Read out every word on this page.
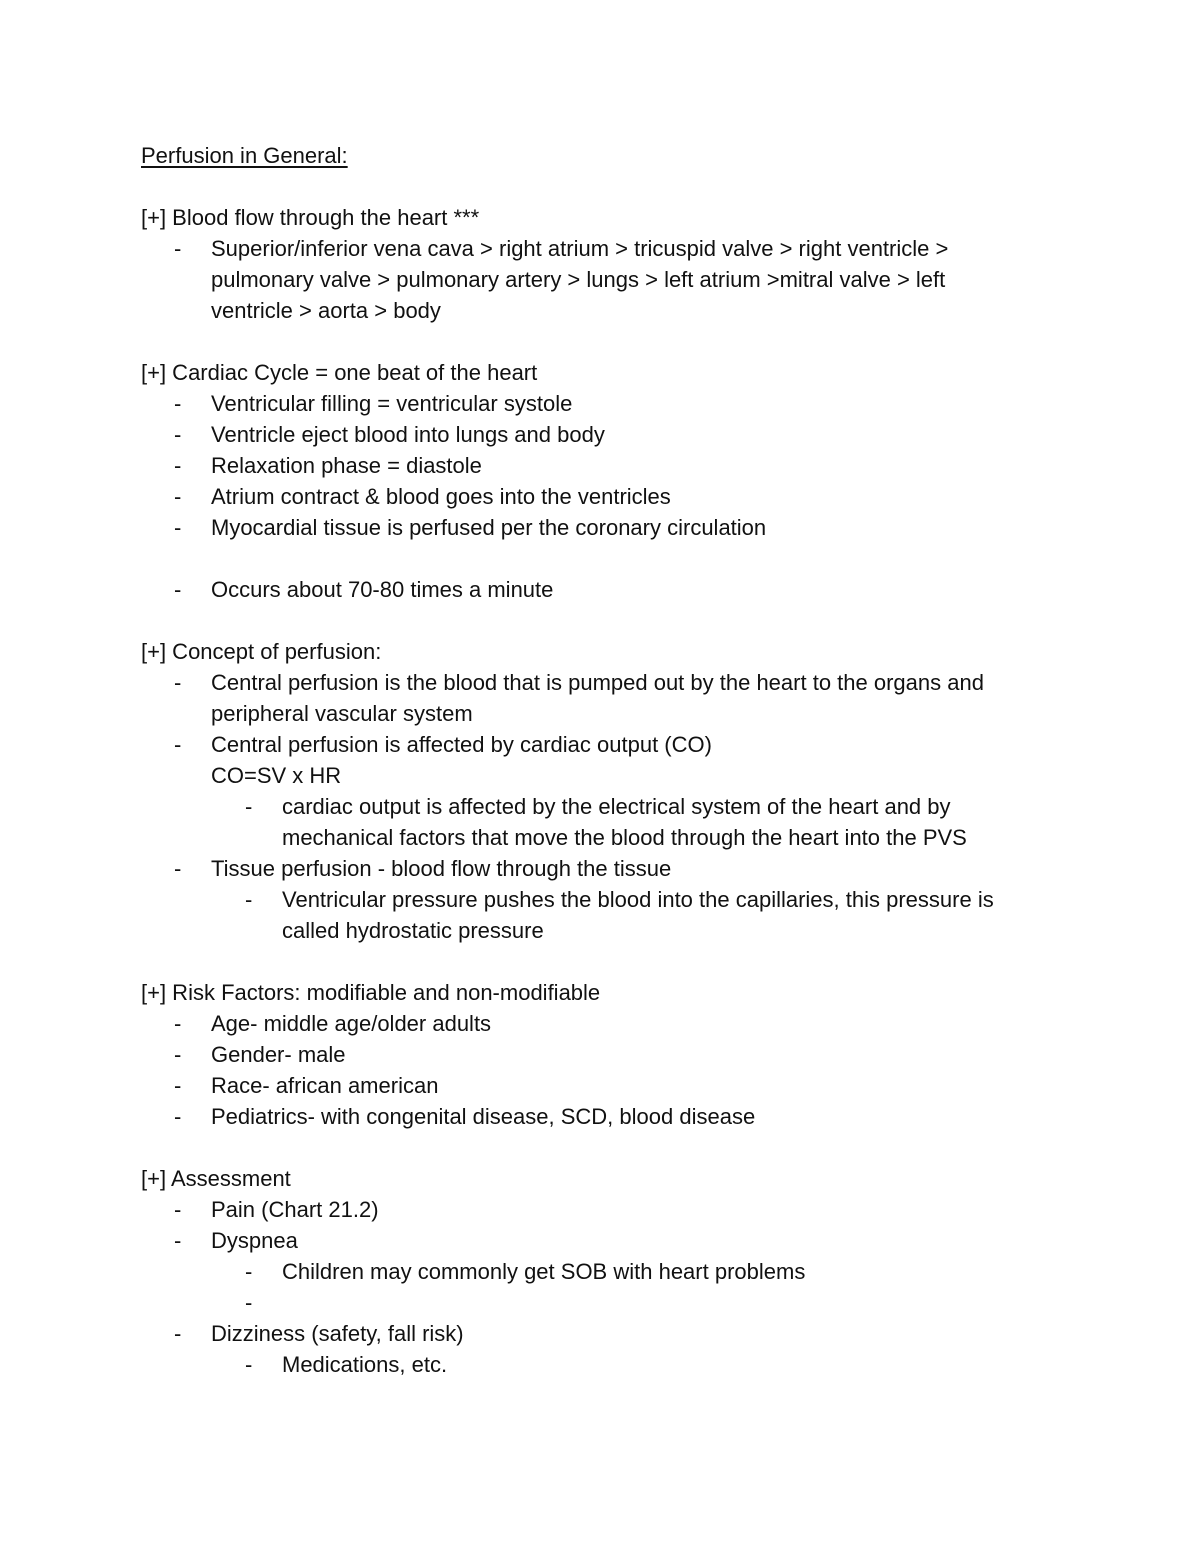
Perfusion in General:
[+] Blood flow through the heart ***
- Superior/inferior vena cava > right atrium > tricuspid valve > right ventricle >
pulmonary valve > pulmonary artery > lungs > left atrium >mitral valve > left
ventricle > aorta > body
[+] Cardiac Cycle = one beat of the heart
- Ventricular filling = ventricular systole
- Ventricle eject blood into lungs and body
- Relaxation phase = diastole
- Atrium contract & blood goes into the ventricles
- Myocardial tissue is perfused per the coronary circulation
- Occurs about 70-80 times a minute
[+] Concept of perfusion:
- Central perfusion is the blood that is pumped out by the heart to the organs and
peripheral vascular system
- Central perfusion is affected by cardiac output (CO)
CO=SV x HR
- cardiac output is affected by the electrical system of the heart and by
mechanical factors that move the blood through the heart into the PVS
- Tissue perfusion - blood flow through the tissue
- Ventricular pressure pushes the blood into the capillaries, this pressure is
called hydrostatic pressure
[+] Risk Factors: modifiable and non-modifiable
- Age- middle age/older adults
- Gender- male
- Race- african american
- Pediatrics- with congenital disease, SCD, blood disease
[+] Assessment
- Pain (Chart 21.2)
- Dyspnea
- Children may commonly get SOB with heart problems
-
- Dizziness (safety, fall risk)
- Medications, etc.
